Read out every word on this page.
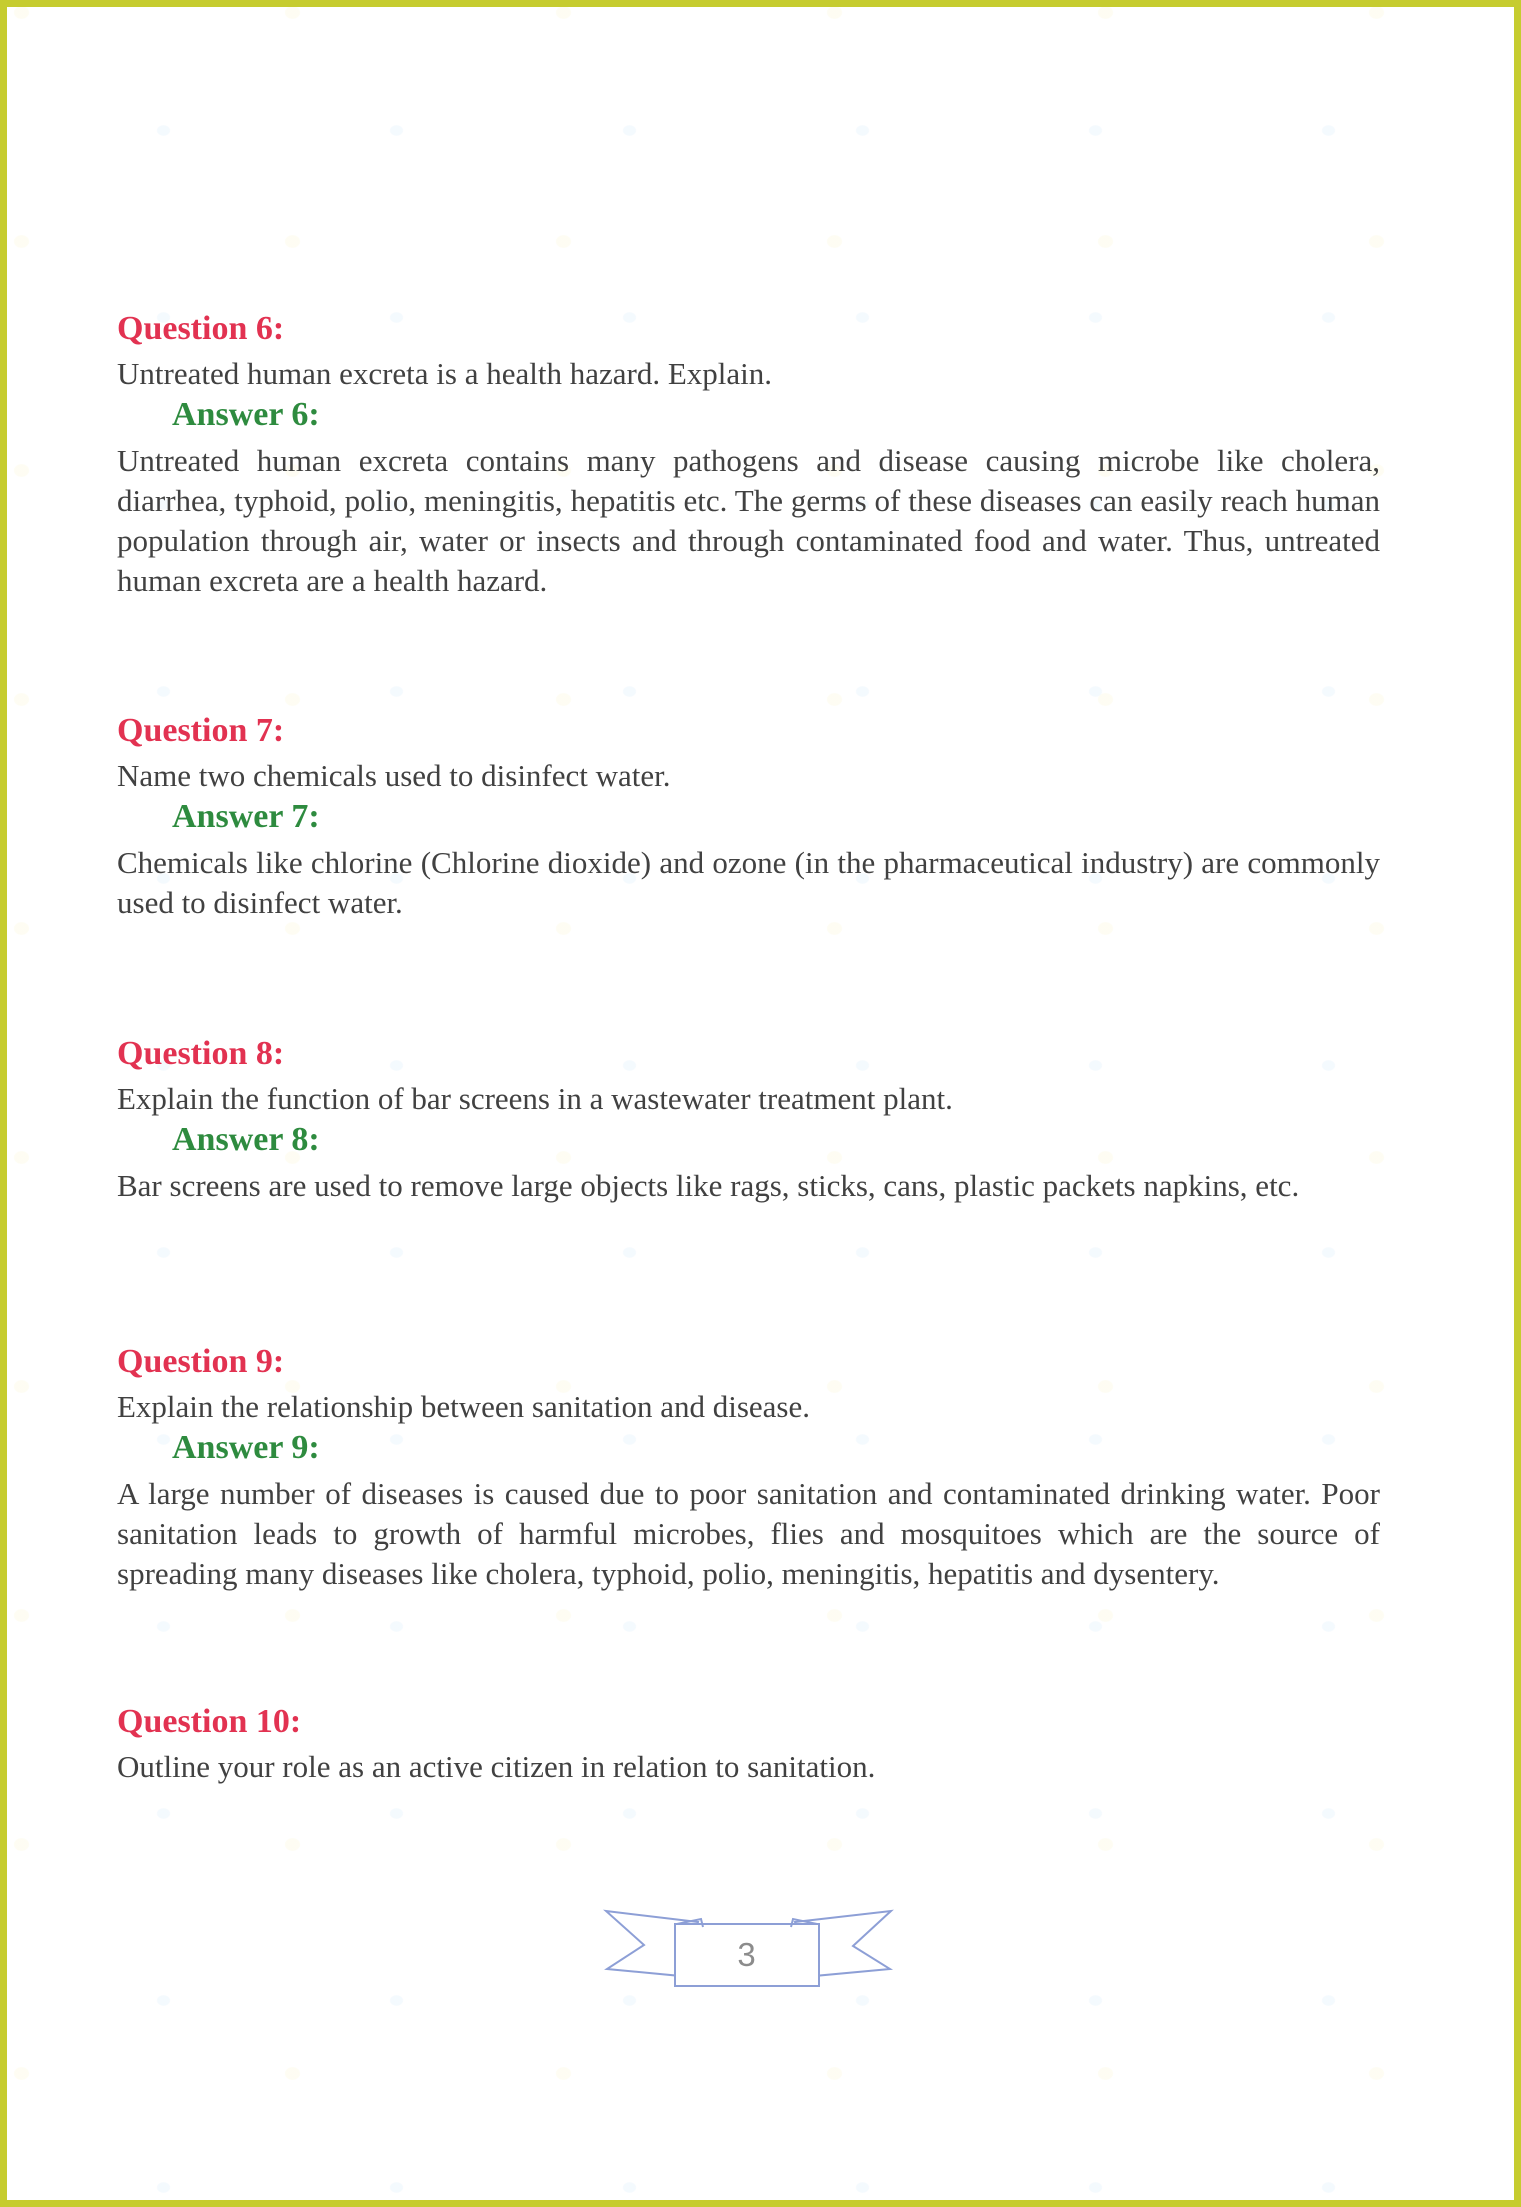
Question 6:
Untreated human excreta is a health hazard. Explain.
Answer 6:
Untreated human excreta contains many pathogens and disease causing microbe like cholera, diarrhea, typhoid, polio, meningitis, hepatitis etc. The germs of these diseases can easily reach human population through air, water or insects and through contaminated food and water. Thus, untreated human excreta are a health hazard.
Question 7:
Name two chemicals used to disinfect water.
Answer 7:
Chemicals like chlorine (Chlorine dioxide) and ozone (in the pharmaceutical industry) are commonly used to disinfect water.
Question 8:
Explain the function of bar screens in a wastewater treatment plant.
Answer 8:
Bar screens are used to remove large objects like rags, sticks, cans, plastic packets napkins, etc.
Question 9:
Explain the relationship between sanitation and disease.
Answer 9:
A large number of diseases is caused due to poor sanitation and contaminated drinking water. Poor sanitation leads to growth of harmful microbes, flies and mosquitoes which are the source of spreading many diseases like cholera, typhoid, polio, meningitis, hepatitis and dysentery.
Question 10:
Outline your role as an active citizen in relation to sanitation.
3
